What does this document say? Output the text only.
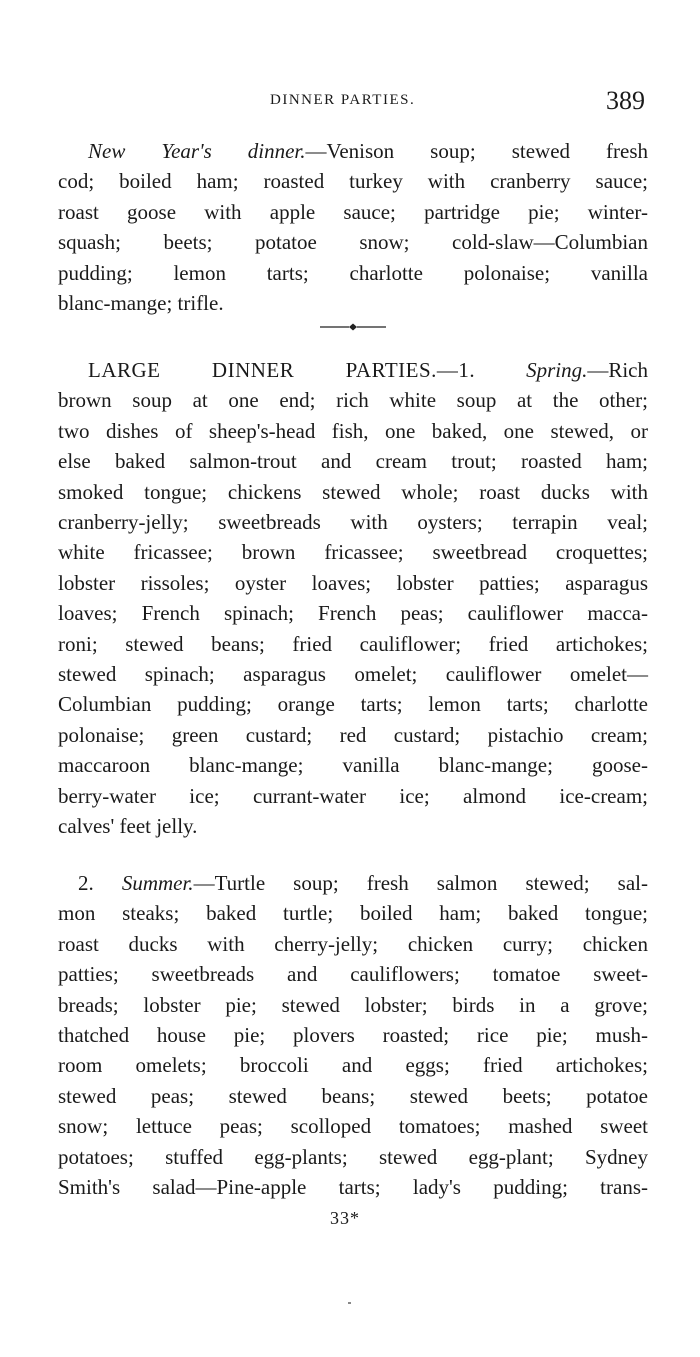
DINNER PARTIES.	389
New Year's dinner.—Venison soup; stewed fresh
cod; boiled ham; roasted turkey with cranberry sauce;
roast goose with apple sauce; partridge pie; winter-
squash; beets; potatoe snow; cold-slaw—Columbian
pudding; lemon tarts; charlotte polonaise; vanilla
blanc-mange; trifle.
LARGE DINNER PARTIES.—1. Spring.—Rich
brown soup at one end; rich white soup at the other;
two dishes of sheep's-head fish, one baked, one stewed, or
else baked salmon-trout and cream trout; roasted ham;
smoked tongue; chickens stewed whole; roast ducks with
cranberry-jelly; sweetbreads with oysters; terrapin veal;
white fricassee; brown fricassee; sweetbread croquettes;
lobster rissoles; oyster loaves; lobster patties; asparagus
loaves; French spinach; French peas; cauliflower macca-
roni; stewed beans; fried cauliflower; fried artichokes;
stewed spinach; asparagus omelet; cauliflower omelet—
Columbian pudding; orange tarts; lemon tarts; charlotte
polonaise; green custard; red custard; pistachio cream;
maccaroon blanc-mange; vanilla blanc-mange; goose-
berry-water ice; currant-water ice; almond ice-cream;
calves' feet jelly.
2. Summer.—Turtle soup; fresh salmon stewed; sal-
mon steaks; baked turtle; boiled ham; baked tongue;
roast ducks with cherry-jelly; chicken curry; chicken
patties; sweetbreads and cauliflowers; tomatoe sweet-
breads; lobster pie; stewed lobster; birds in a grove;
thatched house pie; plovers roasted; rice pie; mush-
room omelets; broccoli and eggs; fried artichokes;
stewed peas; stewed beans; stewed beets; potatoe
snow; lettuce peas; scolloped tomatoes; mashed sweet
potatoes; stuffed egg-plants; stewed egg-plant; Sydney
Smith's salad—Pine-apple tarts; lady's pudding; trans-
33*
